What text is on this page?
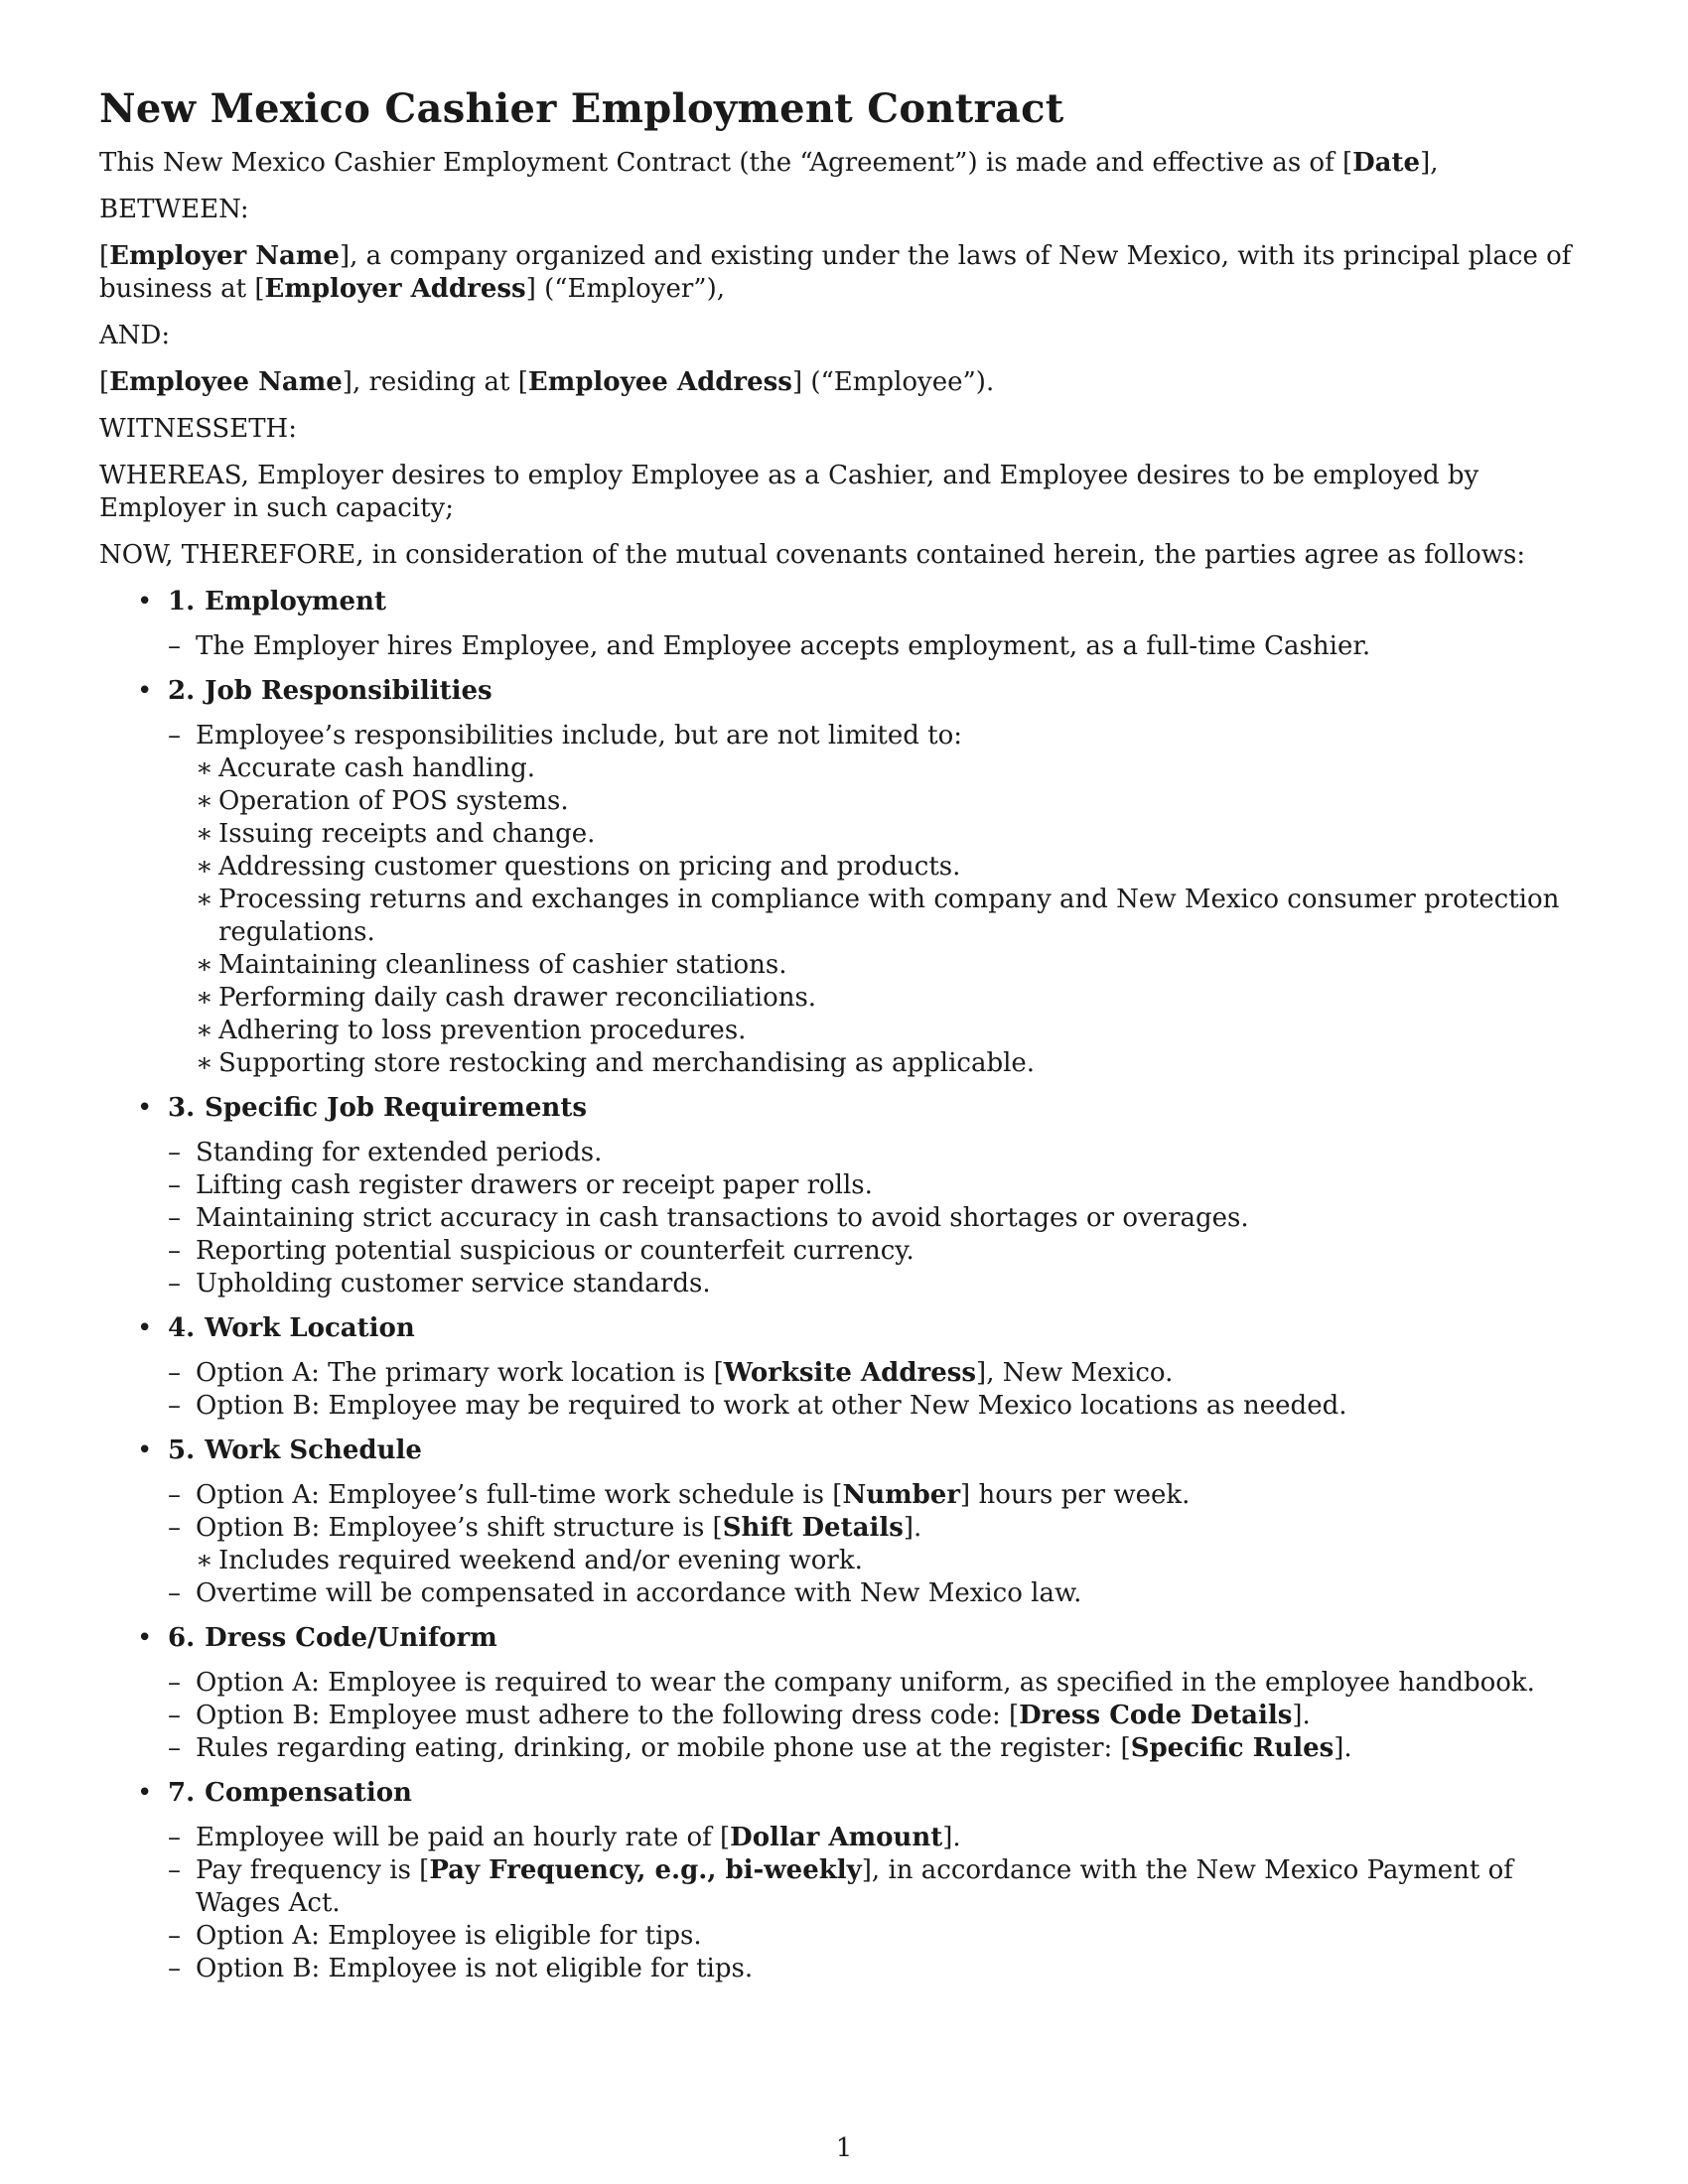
New Mexico Cashier Employment Contract

This New Mexico Cashier Employment Contract (the “Agreement”) is made and effective as of [Date],

BETWEEN:

[Employer Name], a company organized and existing under the laws of New Mexico, with its principal place of business at [Employer Address] (“Employer”),

AND:

[Employee Name], residing at [Employee Address] (“Employee”).

WITNESSETH:

WHEREAS, Employer desires to employ Employee as a Cashier, and Employee desires to be employed by Employer in such capacity;

NOW, THEREFORE, in consideration of the mutual covenants contained herein, the parties agree as follows:

• 1. Employment
– The Employer hires Employee, and Employee accepts employment, as a full-time Cashier.
• 2. Job Responsibilities
– Employee’s responsibilities include, but are not limited to:
∗ Accurate cash handling.
∗ Operation of POS systems.
∗ Issuing receipts and change.
∗ Addressing customer questions on pricing and products.
∗ Processing returns and exchanges in compliance with company and New Mexico consumer protection regulations.
∗ Maintaining cleanliness of cashier stations.
∗ Performing daily cash drawer reconciliations.
∗ Adhering to loss prevention procedures.
∗ Supporting store restocking and merchandising as applicable.
• 3. Specific Job Requirements
– Standing for extended periods.
– Lifting cash register drawers or receipt paper rolls.
– Maintaining strict accuracy in cash transactions to avoid shortages or overages.
– Reporting potential suspicious or counterfeit currency.
– Upholding customer service standards.
• 4. Work Location
– Option A: The primary work location is [Worksite Address], New Mexico.
– Option B: Employee may be required to work at other New Mexico locations as needed.
• 5. Work Schedule
– Option A: Employee’s full-time work schedule is [Number] hours per week.
– Option B: Employee’s shift structure is [Shift Details].
∗ Includes required weekend and/or evening work.
– Overtime will be compensated in accordance with New Mexico law.
• 6. Dress Code/Uniform
– Option A: Employee is required to wear the company uniform, as specified in the employee handbook.
– Option B: Employee must adhere to the following dress code: [Dress Code Details].
– Rules regarding eating, drinking, or mobile phone use at the register: [Specific Rules].
• 7. Compensation
– Employee will be paid an hourly rate of [Dollar Amount].
– Pay frequency is [Pay Frequency, e.g., bi-weekly], in accordance with the New Mexico Payment of Wages Act.
– Option A: Employee is eligible for tips.
– Option B: Employee is not eligible for tips.
1
